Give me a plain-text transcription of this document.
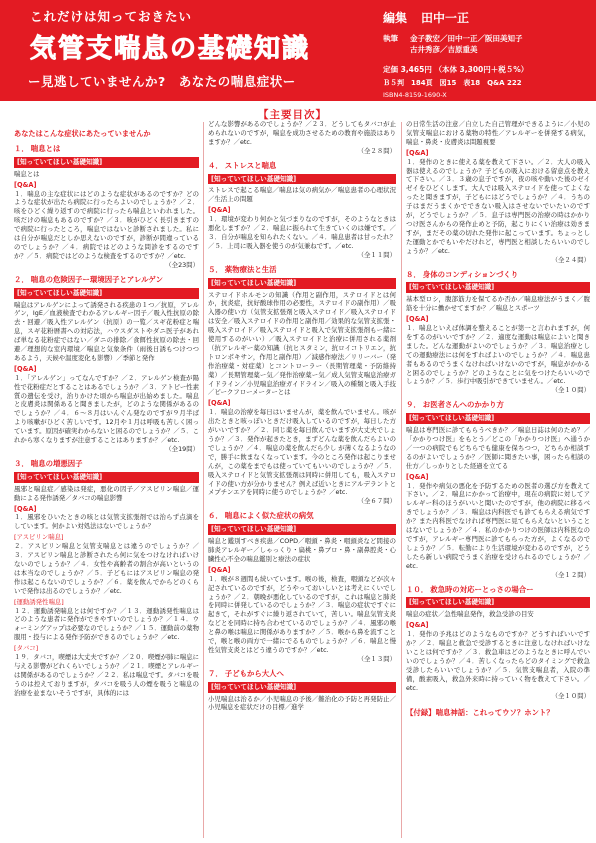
これだけは知っておきたい
気管支喘息の基礎知識
ー見逃していませんか?　あなたの喘息症状ー
編集 田中一正
執筆	金子教宏／田中一正／阪田美知子
古井秀彦／吉原重美
定価 3,465円 （本体 3,300円＋税５%）
Ｂ５判　184頁　図15　表18　Q&A 222
ISBN4-8159-1690-X
【主要目次】
あなたはこんな症状にあたっていませんか
１． 喘息とは
[知っていてほしい基礎知識]
喘息とは
[Q&A]
１．喘息の主な症状にはどのような症状があるのですか？どのような症状が出たら病院に行ったらよいのでしょうか？／２．咳をひどく繰り返すので病院に行ったら喘息といわれました。咳だけの喘息もあるのですか？／３．咳がひどく長引きますので病院に行ったところ，喘息ではないと診断されました。私には自分が喘息だとしか思えないのですが，診断が間違っているのでしょうか？／４．病院ではどのような問診をするのですか？／５．病院ではどのような検査をするのですか？／etc.
（全23問）
２． 喘息の危険因子ー環境因子とアレルゲン
[知っていてほしい基礎知識]
喘息はアレルゲンによって誘発される疾患の１つ／抗原，アレルゲン，IgE／血液検査でわかるアレルギー因子／吸入性抗原の除去・回避／吸入性アレルゲン（抗原）の一覧／スギ花粉症と喘息，スギ花粉暦書への対応法，ハウスダストやダニ医子があれば単なる花粉症ではない／ダニの排除／食餌性抗原の除去・回避／理想的な室内環境／喘息と気象条件（雨後日誘もつけつつあるよう，天候や温度変化も影響）／季節と発作
[Q&A]
１．「アレルゲン」ってなんですか？／２．アレルゲン検査が陽性で花粉症だとすることはあるでしょうか？／３．アトピー性素質の遺伝を受け，治りかけた頃から喘息が出始めました。喘息と皮膚炎は関係あると聞きましたが，どのような関係があるのでしょうか？／４．６～８月はいんぐん発なのですが９月半ばより咳嗽がひどく苦しいです。12月や１月は呼吸も苦しく困っています。原因が確実わからないと困るのでしょうか？／５．これから寒くなりますが注意することはありますか？／etc.
（全19問）
３． 喘息の増悪因子
[知っていてほしい基礎知識]
風邪と喘息症／感染は発症，悪化の因子／アスピリン喘息／運動による発作誘発／タバコの喘息影響
[Q&A]
１．風邪をひいたときの咳とは気管支拡張剤では治らず点滴をしています。何かよい対処法はないでしょうか？
[アスピリン喘息]
２．アスピリン喘息と気管支喘息とは違うのでしょうか？／３．アスピリン喘息と診断されたら何に気をつけなければいけないのでしょうか？／４．女性や高齢者の割合が高いというのは本当なのでしょうか？／５．子どもにはアスピリン喘息の発作は起こらないのでしょうか？／６．薬を飲んでからどのくらいで発作は出るのでしょうか？／etc.
[運動誘発性喘息]
１２．運動誘発喘息とは何ですか？／１３．運動誘発性喘息はどのような患者に発作ができやすいのでしょうか？／１４．ウォーミングアップは必要なのでしょうか？／１５．運動前の薬物服用・投与による発作予防ができるのでしょうか？／etc.
[タバコ]
１９．タバコ，喫煙は大丈夫ですか？／２０．喫煙が肺に喘息に与える影響がどれくらいでしょうか？／２１．喫煙とアレルギーは関係があるのでしょうか？／２２．私は喘息です。タバコを吸うのは控えておりますが，タバコを吸う人の煙を吸うと喘息の治療を並まないそうですが，具体的には
どんな影響があるのでしょうか？／２３．どうしてもタバコが止められないのですが，喘息を成功させるための教育や施設はありますか？／etc.
（全２８問）
４． ストレスと喘息
[知っていてほしい基礎知識]
ストレスで起こる喘息／喘息は気の病気か／喘息患者の心理状況／生活上の問題
[Q&A]
１．環境が変わり何かと気づまりなのですが，そのようなときは悪化しますか？／２．喘息に振られて生きていくのは嫌です。／３．自分が喘息を知られたくない。／４．喘息患者は甘ったれ？／５．上司に吸入器を使うのが気兼ねです。／etc.
（全１１問）
５． 薬物療法と生活
[知っていてほしい基礎知識]
ステロイドホルモンの知識（作用と副作用，ステロイドとは何か，抗炎症，抗好酸球作用の必要性，ステロイドの副作用）／吸入器の使い方（気管支拡張剤と吸入ステロイド／吸入ステロイドは安全／吸入ステロイドの作用と副作用／効果的な気管支拡張・吸入ステロイド／吸入ステロイドと吸入で気管支拡張剤もー緒に使用するのがいい）／吸入ステロイドと治療に併用される薬剤（抗アレルギー薬の知識（抗ヒスタミン，抗ロイコトリエン，抗トロンボキサン，作用と副作用）／減感作療法／リリーバー（発作治療薬・対症薬）とコントローラー（長期管理薬・予防維持薬）／長期管理薬ー気／発作治療薬ー気／成人気管支喘息治療ガイドライン／小児喘息治療ガイドライン／吸入の種類と吸入手技／ピークフローメーターとは
[Q&A]
１．喘息の治療を毎日はいませんが，薬を飲んでいません。咳が出たときと咳っぽいときだけ吸入しているのですが，毎日した方がいいですか？／２．同じ薬を毎日飲んでいますが大丈夫でしょうか？／３．発作が起きたとき，まずどんな薬を飲んだらよいのでしょうか？／４．喘息の薬を飲んだら少し が薄くなるようなので，勝手に飲まなくなっています。今のところ発作は起こりませんが，この薬をまでもは使っていてもいいのでしょうか？／５．吸入ステロイドと気管支拡張剤は同時に併用しても，吸入ステロイドの使い方が分かりません？例えば近いときにアルデラントとメプチンエアを同時に使うのでしょうか？／etc.
（全６７問）
６． 喘息によく似た症状の病気
[知っていてほしい基礎知識]
喘息と鑑別すべき疾患／COPD／咽頭・鼻炎・咽頭炎など間接の肺炎アレルギー／しゃっくり・扁桃・鼻ブロ・鼻・副鼻腔炎・心臓性心不全の喘息鑑別と療法の症状
[Q&A]
１．喉が８週間も続いています。喉の後，検査，咽頭などが次々記されているのですが，どうやっておいしいとは考えにくいでしょうか？／２．朝晩が悪化しているのですが，これは喘息と肺炎を同時に併発しているのでしょうか？／３．喘息の症状ですぐに起きて，それがすぐに繰り返されていて，苦しい。喘息気管支炎などとを同時に持ち合わせているのでしょうか？／４．風邪の喉と鼻の喉は喘息に関係がありますか？／５．喉から鼻を流すことで，喉と喉の両方で一緒にでるものでしょうか？／６．喘息と慢性気管支炎とはどう違うのですか？／etc.
（全１３問）
７． 子どもから大人へ
[知っていてほしい基礎知識]
小児喘息は治るか／小児喘息の予後／難治化の予防と再発防止／小児喘息を症状だけの目標／進学
の日常生活の注意／自立した自己管理ができるように／小児の気管支喘息における薬物の特性／アレルギーを併発する病気，喘息・鼻炎・皮膚炎は問題視要
[Q&A]
１．発作のときに使える薬を教えて下さい。／２．大人の吸入器は使えるのでしょうか？子どもの吸入における留意点を教えて下さい。／３．３歳の息子ですが，夜の咳や動いた後のゼイゼイをひどくします。大人では吸入ステロイドを使ってよくなったと聞きますが，子どもにはどうでしょうか？／４．うちの子はまだうまくかでできない吸入はさせないでいたいのですが，どうでしょうか？／５．息子は専門医の治療の時はかかりつけ医さんからの発作止めと予防，起こりにくい治療は効きますが，まだその薬の切れた発作に起こっています。ちょっとした運動とかでもいやだけれど，専門医と相談したらいいのでしょうか？／etc.
（全２４問）
８． 身体のコンディションづくり
[知っていてほしい基礎知識]
基本型ロシ，腹部筋力を保てるか否か／喘息療法がうまく／腹筋を十分に働かせてますか？／喘息とスポーツ
[Q&A]
１．喘息といえば体調を整えることが第一と言われますが，何をするのがいいですか？／２．適度な運動は喘息によいと聞きました。どんな運動がよいのでしょうか？／３．喘息治療としての運動療法には何をすればよいのでしょうか？／４．喘息患者もあるのでうまくなければいけないのですが，喘息がかかると困るのでしょうか？どのようなことに気をつけたらいいのでしょうか？／５．歩行中吸引ができていません。／etc.
（全１０問）
９． お医者さんへのかかり方
[知っていてほしい基礎知識]
喘息は専門医に診てもらうべきか？／喘息日誌は何のため？／「かかりつけ医」をもとう／どこの「かかりつけ医」へ通うか／一つの病院でもどちらでも健康を保ちつつ，どちらか相談するのがよいでしょうか？／医師に聞きたい事，困ったら相談の仕方／しっかりとした経過を立てる
[Q&A]
１．発作や病気の悪化を予防するための医者の選び方を教えて下さい。／２．喘息にかかって治療中，現在の病院に対してアレルギー科のほうがいいと聞いたのですが，他の病院に移るべきでしょうか？／３．喘息は内科医でも診てもらえる病気ですか？また内科医でなければ専門医に見てもらえないということはないでしょうか？／４．私のかかりつけの医師は内科医なのですが，アレルギー専門医に診てもらった方が，よくなるのでしょうか？／５．転勤により生活環境が変わるのですが，どうしたら新しい病院でうまく治療を受けられるのでしょうか？／etc.
（全１２問）
１０． 救急時の対応ーとっさの場合ー
[知っていてほしい基礎知識]
喘息の症状／急性喘息発作，救急受診の目安
[Q&A]
１．発作の予兆はどのようなものですか？どうすればいいですか？／２．喘息と救急で受診するときに注意しなければいけないことは何ですか？／３．救急車はどのようなときに呼んでいいのでしょうか？／４．苦しくなったらどのタイミングで救急受診したらいいでしょうか？／５．気管支喘息者，入院の準備，酸素吸入，救急外来時に持っていく物を教えて下さい。／etc.
（全１０問）
【付録】喘息神話：これってウソ？ホント？
